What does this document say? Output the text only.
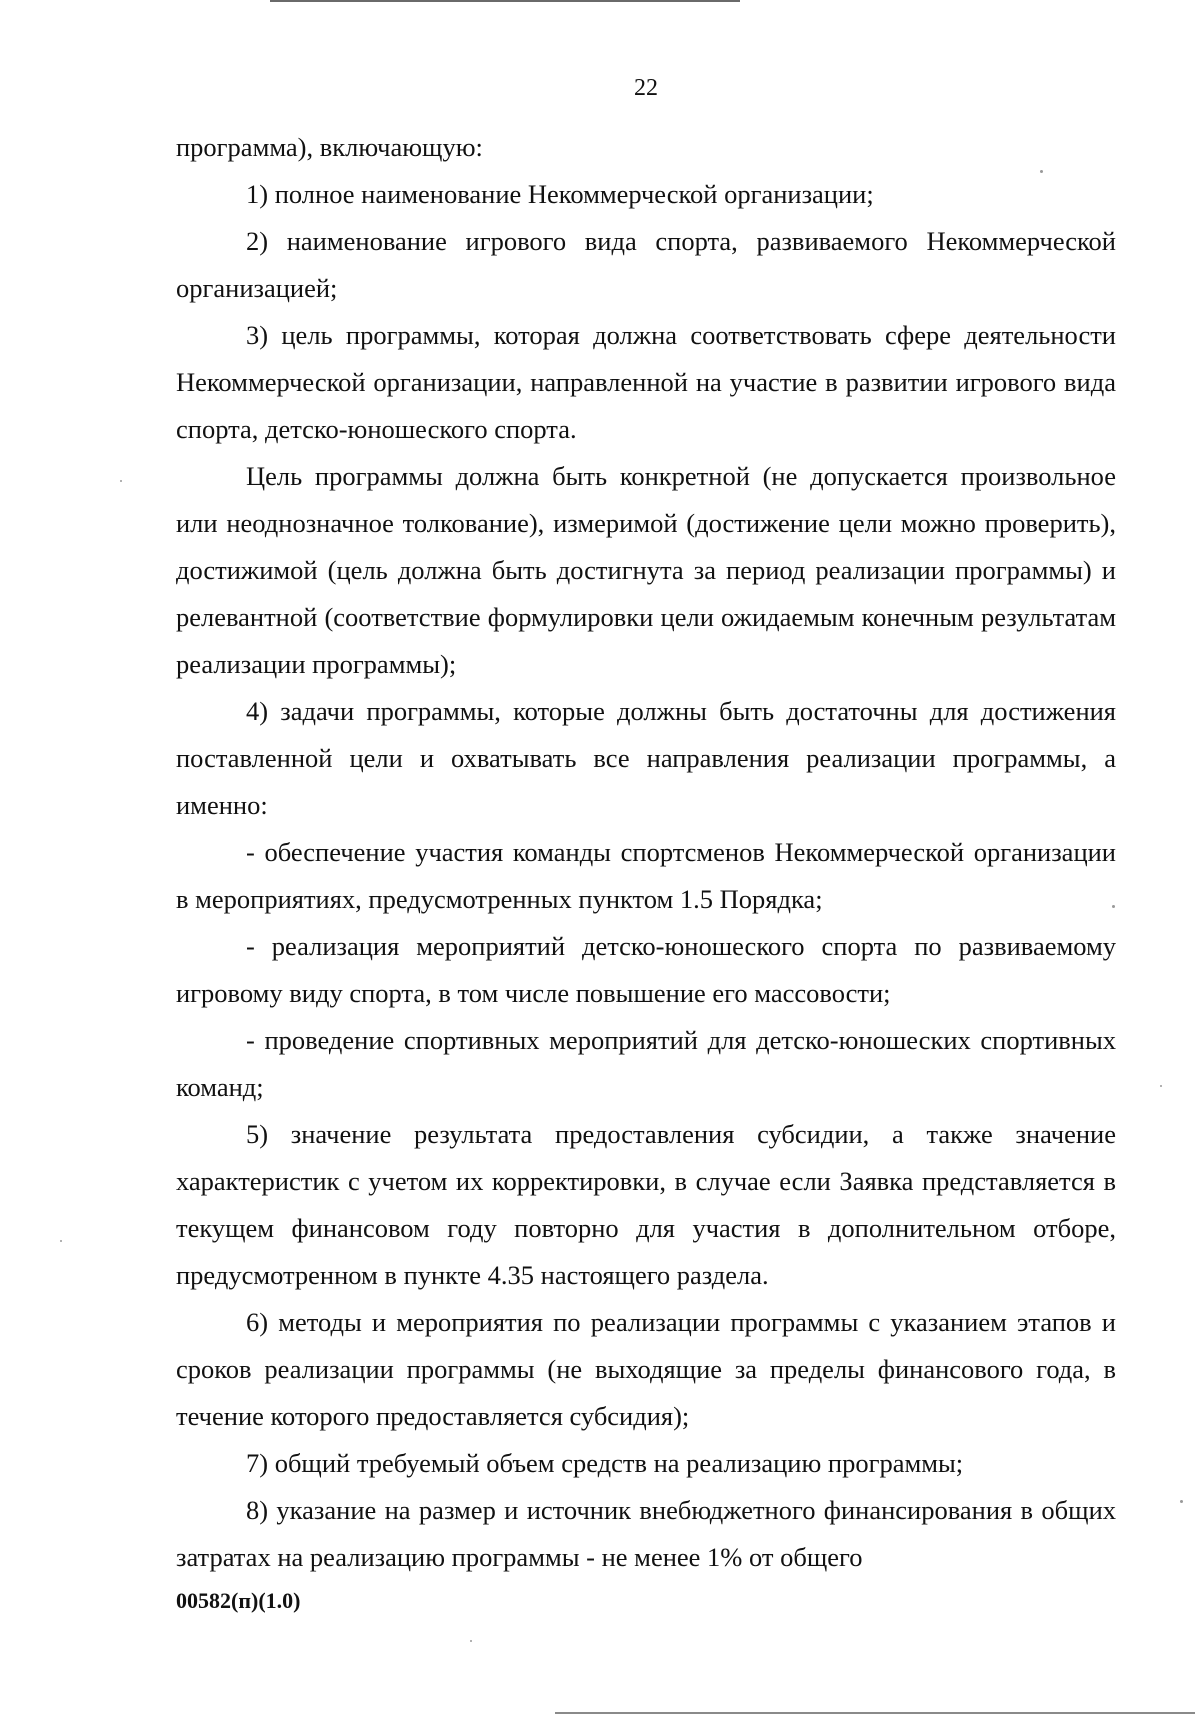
22

программа), включающую:

1) полное наименование Некоммерческой организации;

2) наименование игрового вида спорта, развиваемого Некоммерческой организацией;

3) цель программы, которая должна соответствовать сфере деятельности Некоммерческой организации, направленной на участие в развитии игрового вида спорта, детско-юношеского спорта.

Цель программы должна быть конкретной (не допускается произвольное или неоднозначное толкование), измеримой (достижение цели можно проверить), достижимой (цель должна быть достигнута за период реализации программы) и релевантной (соответствие формулировки цели ожидаемым конечным результатам реализации программы);

4) задачи программы, которые должны быть достаточны для достижения поставленной цели и охватывать все направления реализации программы, а именно:

- обеспечение участия команды спортсменов Некоммерческой организации в мероприятиях, предусмотренных пунктом 1.5 Порядка;

- реализация мероприятий детско-юношеского спорта по развиваемому игровому виду спорта, в том числе повышение его массовости;

- проведение спортивных мероприятий для детско-юношеских спортивных команд;

5) значение результата предоставления субсидии, а также значение характеристик с учетом их корректировки, в случае если Заявка представляется в текущем финансовом году повторно для участия в дополнительном отборе, предусмотренном в пункте 4.35 настоящего раздела.

6) методы и мероприятия по реализации программы с указанием этапов и сроков реализации программы (не выходящие за пределы финансового года, в течение которого предоставляется субсидия);

7) общий требуемый объем средств на реализацию программы;

8) указание на размер и источник внебюджетного финансирования в общих затратах на реализацию программы - не менее 1% от общего

00582(п)(1.0)
